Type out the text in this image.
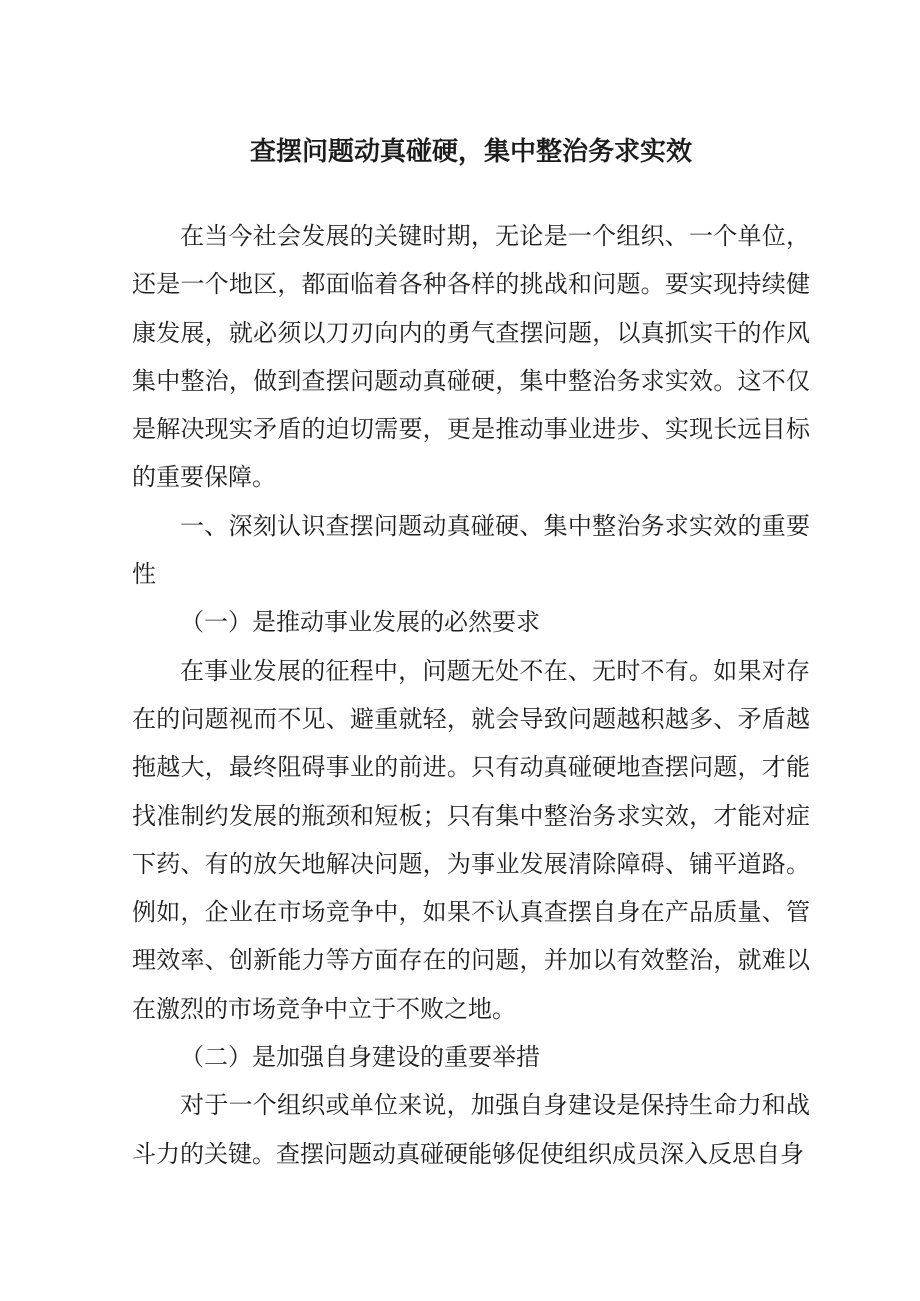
查摆问题动真碰硬，集中整治务求实效

在当今社会发展的关键时期，无论是一个组织、一个单位，还是一个地区，都面临着各种各样的挑战和问题。要实现持续健康发展，就必须以刀刃向内的勇气查摆问题，以真抓实干的作风集中整治，做到查摆问题动真碰硬，集中整治务求实效。这不仅是解决现实矛盾的迫切需要，更是推动事业进步、实现长远目标的重要保障。

一、深刻认识查摆问题动真碰硬、集中整治务求实效的重要性

（一）是推动事业发展的必然要求

在事业发展的征程中，问题无处不在、无时不有。如果对存在的问题视而不见、避重就轻，就会导致问题越积越多、矛盾越拖越大，最终阻碍事业的前进。只有动真碰硬地查摆问题，才能找准制约发展的瓶颈和短板；只有集中整治务求实效，才能对症下药、有的放矢地解决问题，为事业发展清除障碍、铺平道路。例如，企业在市场竞争中，如果不认真查摆自身在产品质量、管理效率、创新能力等方面存在的问题，并加以有效整治，就难以在激烈的市场竞争中立于不败之地。

（二）是加强自身建设的重要举措

对于一个组织或单位来说，加强自身建设是保持生命力和战斗力的关键。查摆问题动真碰硬能够促使组织成员深入反思自身
